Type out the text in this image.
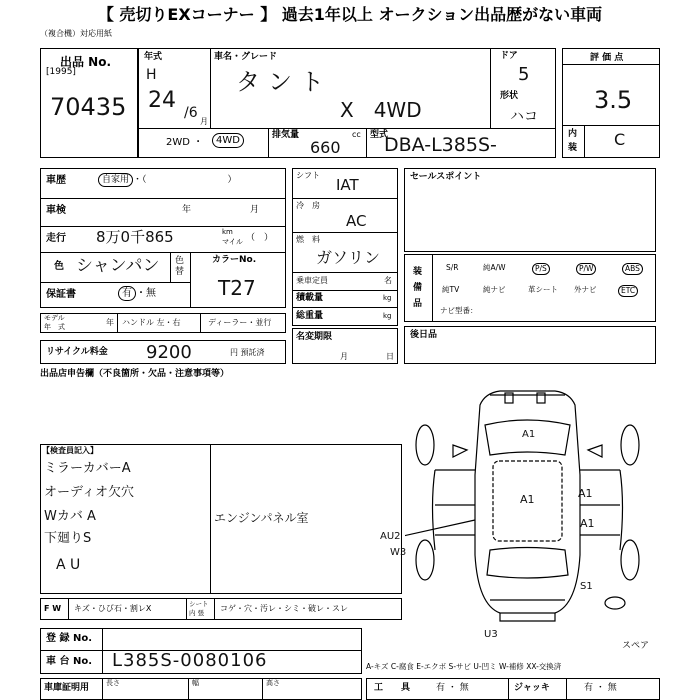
【 売切りEXコーナー 】 過去1年以上 オークション出品歴がない車両
（複合機）対応用紙
出品 No.
[1995]
70435
年式
H
24 /6
月
車名・グレード
タント
X　4WD
ドア
5
形状
ハコ
2WD ・	4WD	排気量	cc
660
型式
DBA-L385S-
評 価 点
3.5
内
装 C
車歴	自家用 ・（　　　　　　　　　）
車検	年	月
走行 8万0千865	km
マイル （　）
色 シャンパン 色
替
カラーNo.
T27
保証書	有 ・無
モデル
年　式	年 ハンドル 左・右	ディーラー・並行
リサイクル料金 9200	円 預託済
シフト
IAT
冷　 房
AC
燃　 料
ガソリン
乗車定員	名
積載量	kg
総重量	kg
名変期限
月	日
セールスポイント
装
備
品
S/R	純A/W	P/S	P/W	ABS
純TV	純ナビ	革シート 外ナビ	ETC
ナビ型番：
後日品
出品店申告欄（不良箇所・欠品・注意事項等）
【検査員記入】
ミラーカバーA
オーディオ欠穴
Wカバ A
下廻りS
A U
エンジンパネル室
A1
A1	A1
A1
AU2
W3
U3
S1
スペア
F W キズ・ひび石・割レX	シート
内 張 コゲ・穴・汚レ・シミ・破レ・スレ
登 録 No.
車 台 No. L385S-0080106	A-キズ C-腐食 E-エクボ S-サビ U-凹ミ W-補修 XX-交換済
車庫証明用 長さ	幅	高さ	工　　具	有 ・ 無	ジャッキ	有 ・ 無
